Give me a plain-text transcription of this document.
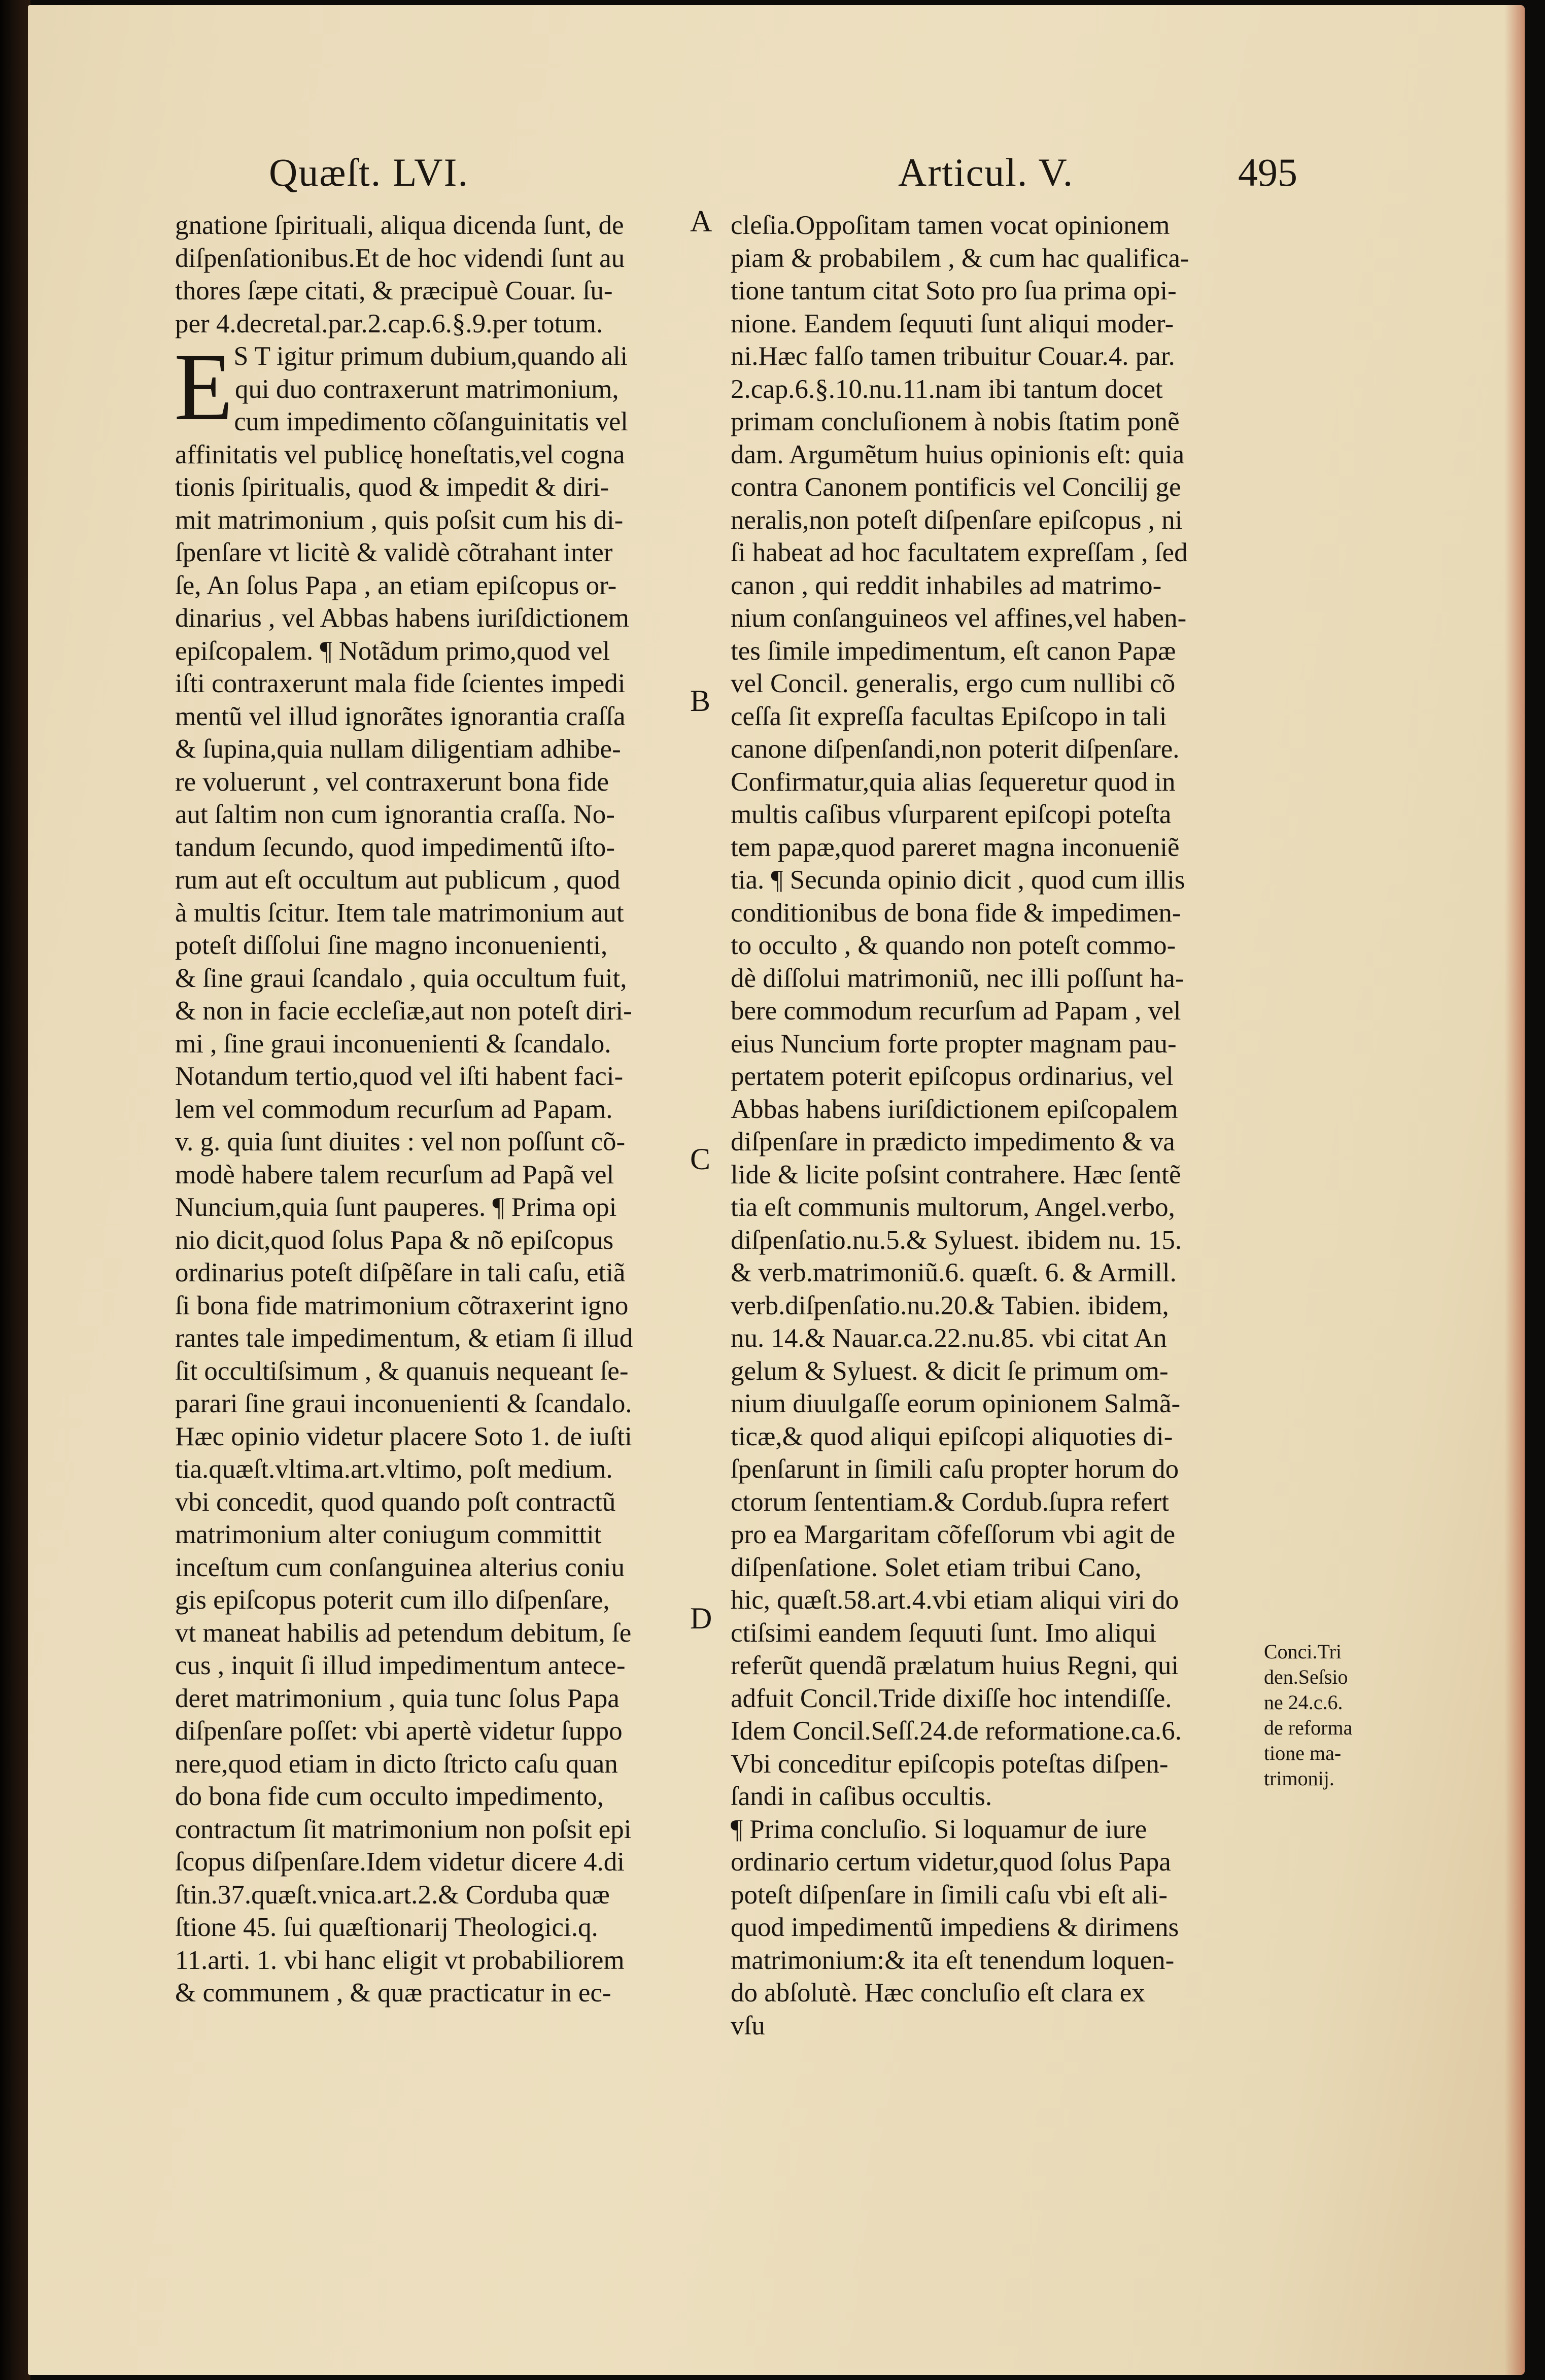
Quæſt. LVI.	Articul. V.	495
E
gnatione ſpirituali, aliqua dicenda ſunt, de
diſpenſationibus.Et de hoc videndi ſunt au
thores ſæpe citati, & præcipuè Couar. ſu-
per 4.decretal.par.2.cap.6.§.9.per totum.
S T igitur primum dubium,quando ali
qui duo contraxerunt matrimonium,
cum impedimento cõſanguinitatis vel
affinitatis vel publicę honeſtatis,vel cogna
tionis ſpiritualis, quod & impedit & diri-
mit matrimonium , quis poſsit cum his di-
ſpenſare vt licitè & validè cõtrahant inter
ſe, An ſolus Papa , an etiam epiſcopus or-
dinarius , vel Abbas habens iuriſdictionem
epiſcopalem. ¶ Notãdum primo,quod vel
iſti contraxerunt mala fide ſcientes impedi
mentũ vel illud ignorãtes ignorantia craſſa
& ſupina,quia nullam diligentiam adhibe-
re voluerunt , vel contraxerunt bona fide
aut ſaltim non cum ignorantia craſſa. No-
tandum ſecundo, quod impedimentũ iſto-
rum aut eſt occultum aut publicum , quod
à multis ſcitur. Item tale matrimonium aut
poteſt diſſolui ſine magno inconuenienti,
& ſine graui ſcandalo , quia occultum fuit,
& non in facie eccleſiæ,aut non poteſt diri-
mi , ſine graui inconuenienti & ſcandalo.
Notandum tertio,quod vel iſti habent faci-
lem vel commodum recurſum ad Papam.
v. g. quia ſunt diuites : vel non poſſunt cõ-
modè habere talem recurſum ad Papã vel
Nuncium,quia ſunt pauperes. ¶ Prima opi
nio dicit,quod ſolus Papa & nõ epiſcopus
ordinarius poteſt diſpẽſare in tali caſu, etiã
ſi bona fide matrimonium cõtraxerint igno
rantes tale impedimentum, & etiam ſi illud
ſit occultiſsimum , & quanuis nequeant ſe-
parari ſine graui inconuenienti & ſcandalo.
Hæc opinio videtur placere Soto 1. de iuſti
tia.quæſt.vltima.art.vltimo, poſt medium.
vbi concedit, quod quando poſt contractũ
matrimonium alter coniugum committit
inceſtum cum conſanguinea alterius coniu
gis epiſcopus poterit cum illo diſpenſare,
vt maneat habilis ad petendum debitum, ſe
cus , inquit ſi illud impedimentum antece-
deret matrimonium , quia tunc ſolus Papa
diſpenſare poſſet: vbi apertè videtur ſuppo
nere,quod etiam in dicto ſtricto caſu quan
do bona fide cum occulto impedimento,
contractum ſit matrimonium non poſsit epi
ſcopus diſpenſare.Idem videtur dicere 4.di
ſtin.37.quæſt.vnica.art.2.& Corduba quæ
ſtione 45. ſui quæſtionarij Theologici.q.
11.arti. 1. vbi hanc eligit vt probabiliorem
& communem , & quæ practicatur in ec-
cleſia.Oppoſitam tamen vocat opinionem
piam & probabilem , & cum hac qualifica-
tione tantum citat Soto pro ſua prima opi-
nione. Eandem ſequuti ſunt aliqui moder-
ni.Hæc falſo tamen tribuitur Couar.4. par.
2.cap.6.§.10.nu.11.nam ibi tantum docet
primam concluſionem à nobis ſtatim ponẽ
dam. Argumẽtum huius opinionis eſt: quia
contra Canonem pontificis vel Concilij ge
neralis,non poteſt diſpenſare epiſcopus , ni
ſi habeat ad hoc facultatem expreſſam , ſed
canon , qui reddit inhabiles ad matrimo-
nium conſanguineos vel affines,vel haben-
tes ſimile impedimentum, eſt canon Papæ
vel Concil. generalis, ergo cum nullibi cõ
ceſſa ſit expreſſa facultas Epiſcopo in tali
canone diſpenſandi,non poterit diſpenſare.
Confirmatur,quia alias ſequeretur quod in
multis caſibus vſurparent epiſcopi poteſta
tem papæ,quod pareret magna inconueniẽ
tia. ¶ Secunda opinio dicit , quod cum illis
conditionibus de bona fide & impedimen-
to occulto , & quando non poteſt commo-
dè diſſolui matrimoniũ, nec illi poſſunt ha-
bere commodum recurſum ad Papam , vel
eius Nuncium forte propter magnam pau-
pertatem poterit epiſcopus ordinarius, vel
Abbas habens iuriſdictionem epiſcopalem
diſpenſare in prædicto impedimento & va
lide & licite poſsint contrahere. Hæc ſentẽ
tia eſt communis multorum, Angel.verbo,
diſpenſatio.nu.5.& Syluest. ibidem nu. 15.
& verb.matrimoniũ.6. quæſt. 6. & Armill.
verb.diſpenſatio.nu.20.& Tabien. ibidem,
nu. 14.& Nauar.ca.22.nu.85. vbi citat An
gelum & Syluest. & dicit ſe primum om-
nium diuulgaſſe eorum opinionem Salmã-
ticæ,& quod aliqui epiſcopi aliquoties di-
ſpenſarunt in ſimili caſu propter horum do
ctorum ſententiam.& Cordub.ſupra refert
pro ea Margaritam cõfeſſorum vbi agit de
diſpenſatione. Solet etiam tribui Cano,
hic, quæſt.58.art.4.vbi etiam aliqui viri do
ctiſsimi eandem ſequuti ſunt. Imo aliqui
referũt quendã prælatum huius Regni, qui
adfuit Concil.Tride dixiſſe hoc intendiſſe.
Idem Concil.Seſſ.24.de reformatione.ca.6.
Vbi conceditur epiſcopis poteſtas diſpen-
ſandi in caſibus occultis.
¶ Prima concluſio. Si loquamur de iure
ordinario certum videtur,quod ſolus Papa
poteſt diſpenſare in ſimili caſu vbi eſt ali-
quod impedimentũ impediens & dirimens
matrimonium:& ita eſt tenendum loquen-
do abſolutè. Hæc concluſio eſt clara ex
vſu
A
B
C
D
Conci.Tri
den.Seſsio
ne 24.c.6.
de reforma
tione ma-
trimonij.
